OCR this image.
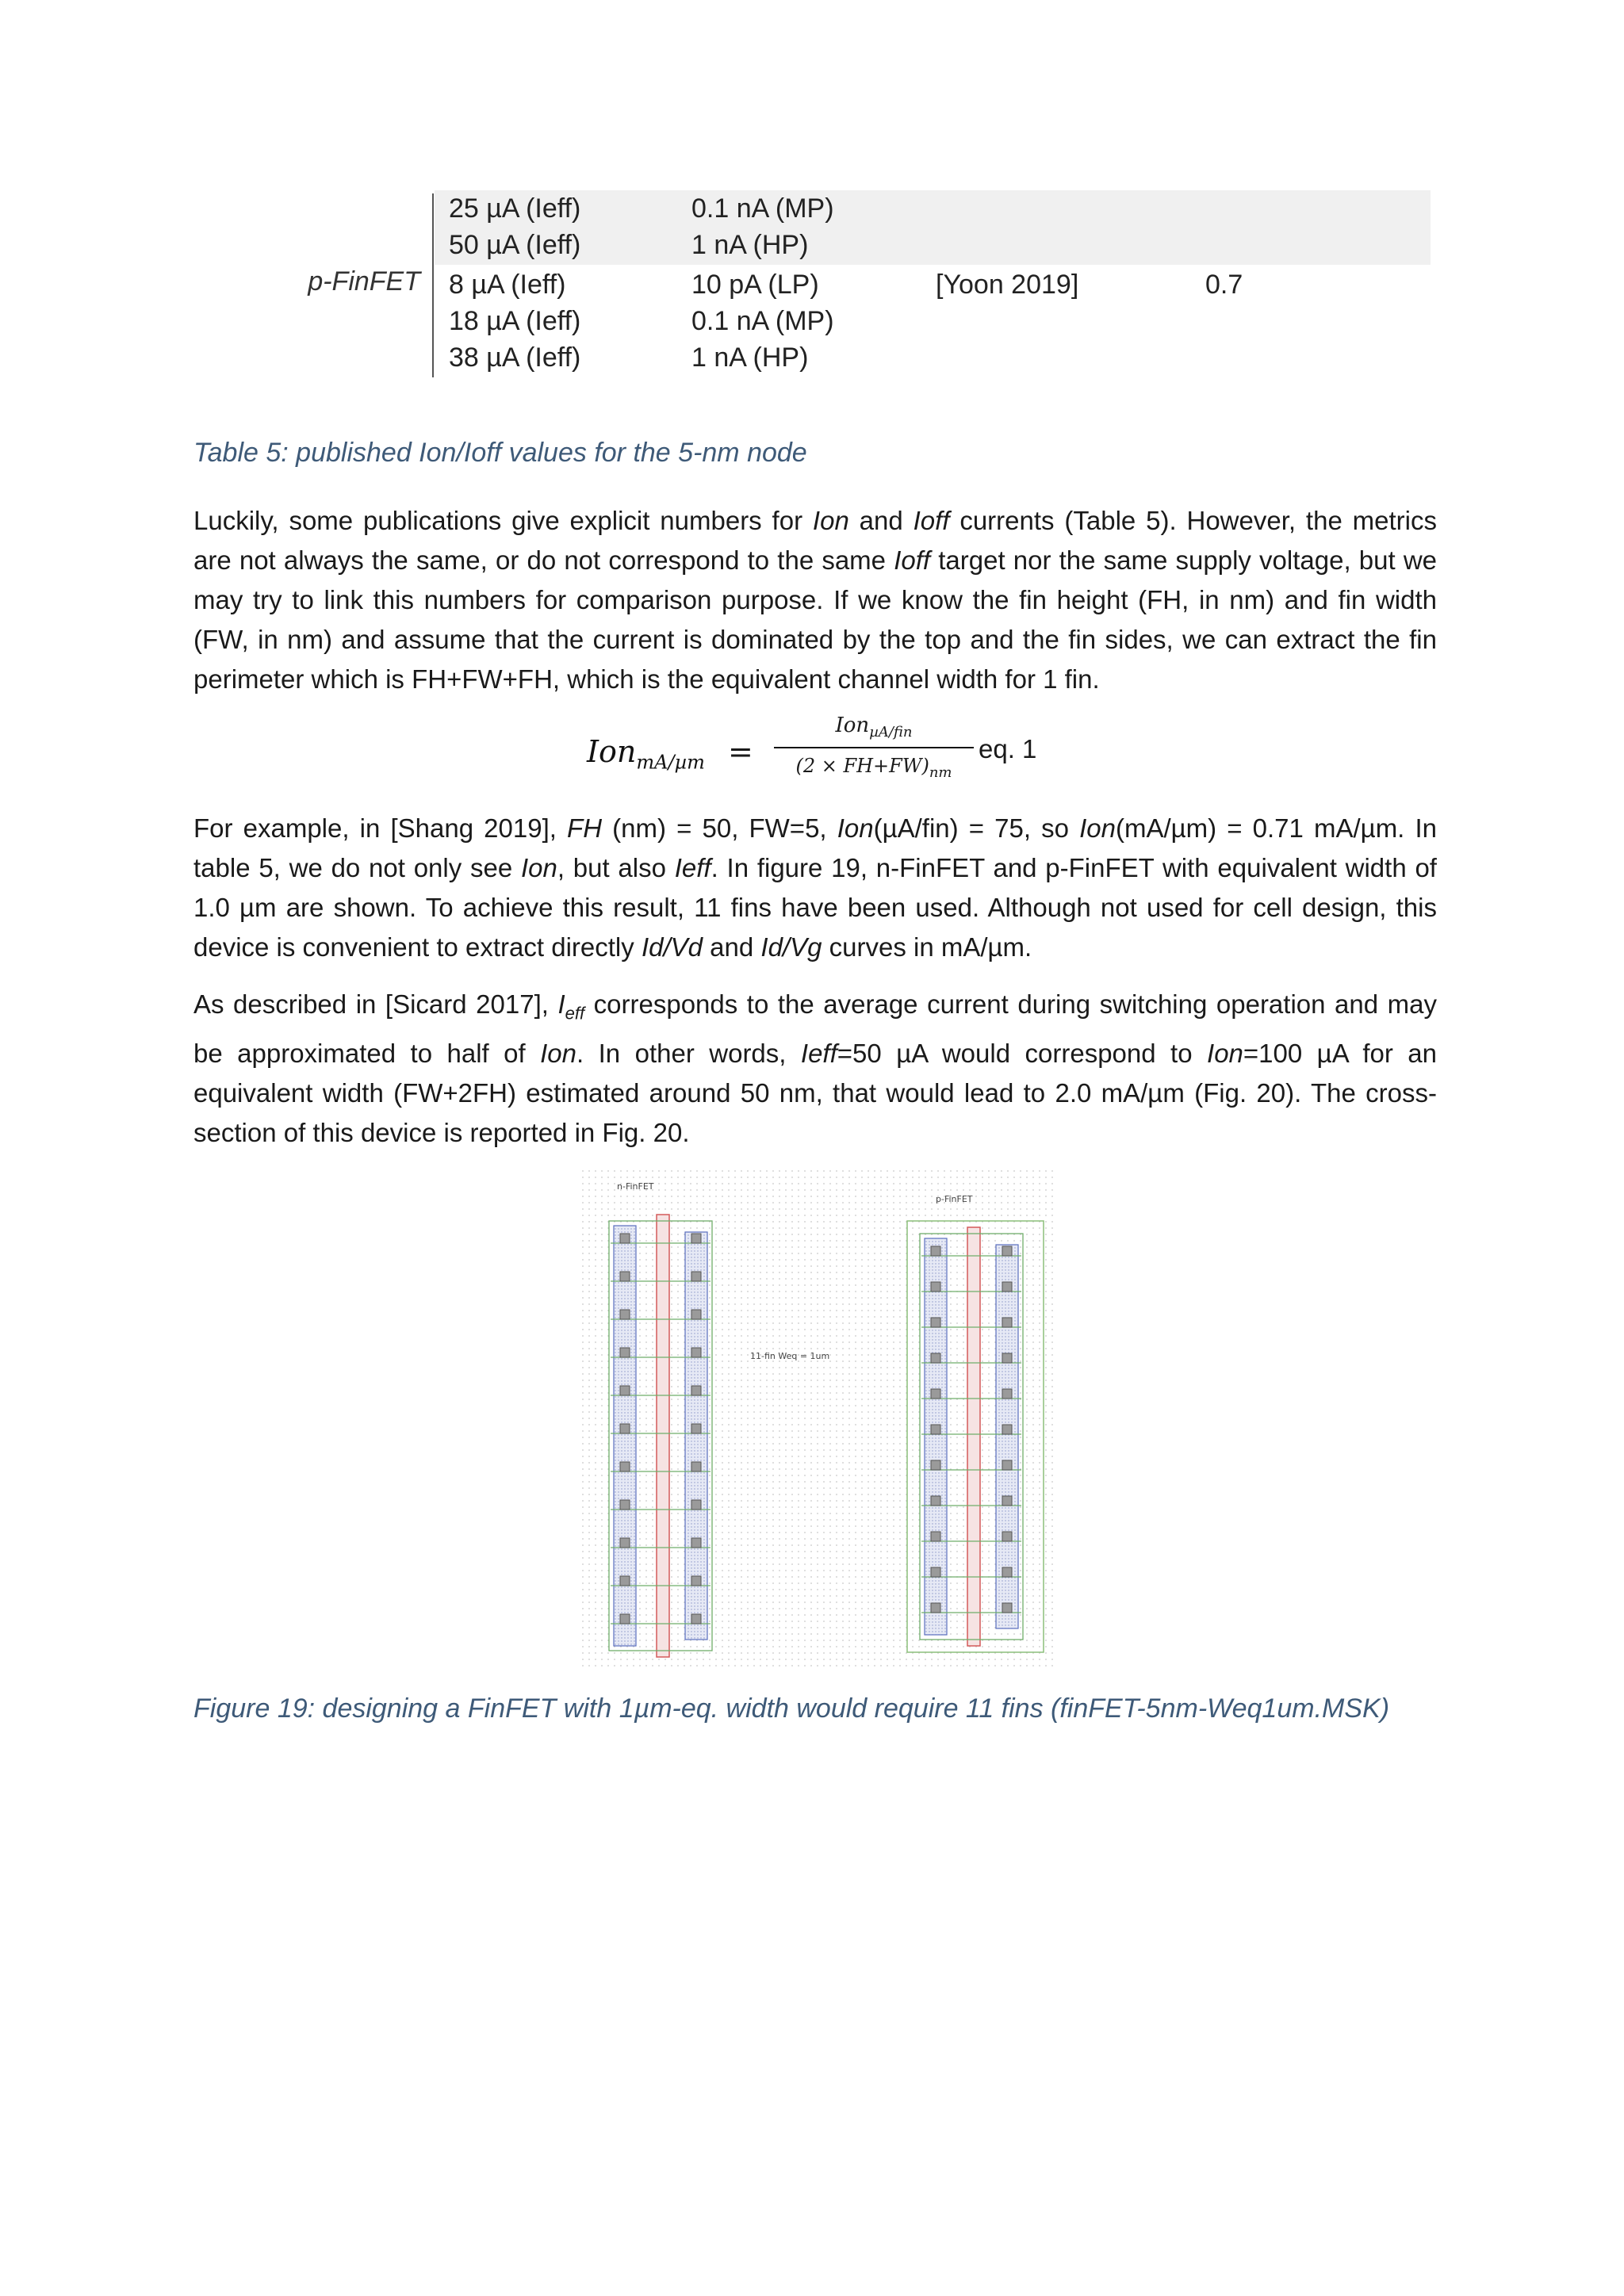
p-FinFET
25 µA (Ieff)
50 µA (Ieff)
8 µA (Ieff)
18 µA (Ieff)
38 µA (Ieff)
0.1 nA (MP)
1 nA (HP)
10 pA (LP)
0.1 nA (MP)
1 nA (HP)
[Yoon 2019]	0.7
Table 5: published Ion/Ioff values for the 5-nm node
Luckily, some publications give explicit numbers for Ion and Ioff currents (Table 5). However, the metrics are not always the same, or do not correspond to the same Ioff target nor the same supply voltage, but we may try to link this numbers for comparison purpose. If we know the fin height (FH, in nm) and fin width (FW, in nm) and assume that the current is dominated by the top and the fin sides, we can extract the fin perimeter which is FH+FW+FH, which is the equivalent channel width for 1 fin.
Ion$_{mA/\mu m}$ =
Ion$_{\mu A/fin}$
$(2 \times FH+FW)_{nm}$
eq. 1
For example, in [Shang 2019], FH (nm) = 50, FW=5, Ion(µA/fin) = 75, so Ion(mA/µm) = 0.71 mA/µm. In table 5, we do not only see Ion, but also Ieff. In figure 19, n-FinFET and p-FinFET with equivalent width of 1.0 µm are shown. To achieve this result, 11 fins have been used. Although not used for cell design, this device is convenient to extract directly Id/Vd and Id/Vg curves in mA/µm.
As described in [Sicard 2017], $I_{eff}$ corresponds to the average current during switching operation and may be approximated to half of Ion. In other words, Ieff=50 µA would correspond to Ion=100 µA for an equivalent width (FW+2FH) estimated around 50 nm, that would lead to 2.0 mA/µm (Fig. 20). The cross-section of this device is reported in Fig. 20.
n-FinFET
p-FinFET
11-fin Weq = 1um
Figure 19: designing a FinFET with 1µm-eq. width would require 11 fins (finFET-5nm-Weq1um.MSK)
